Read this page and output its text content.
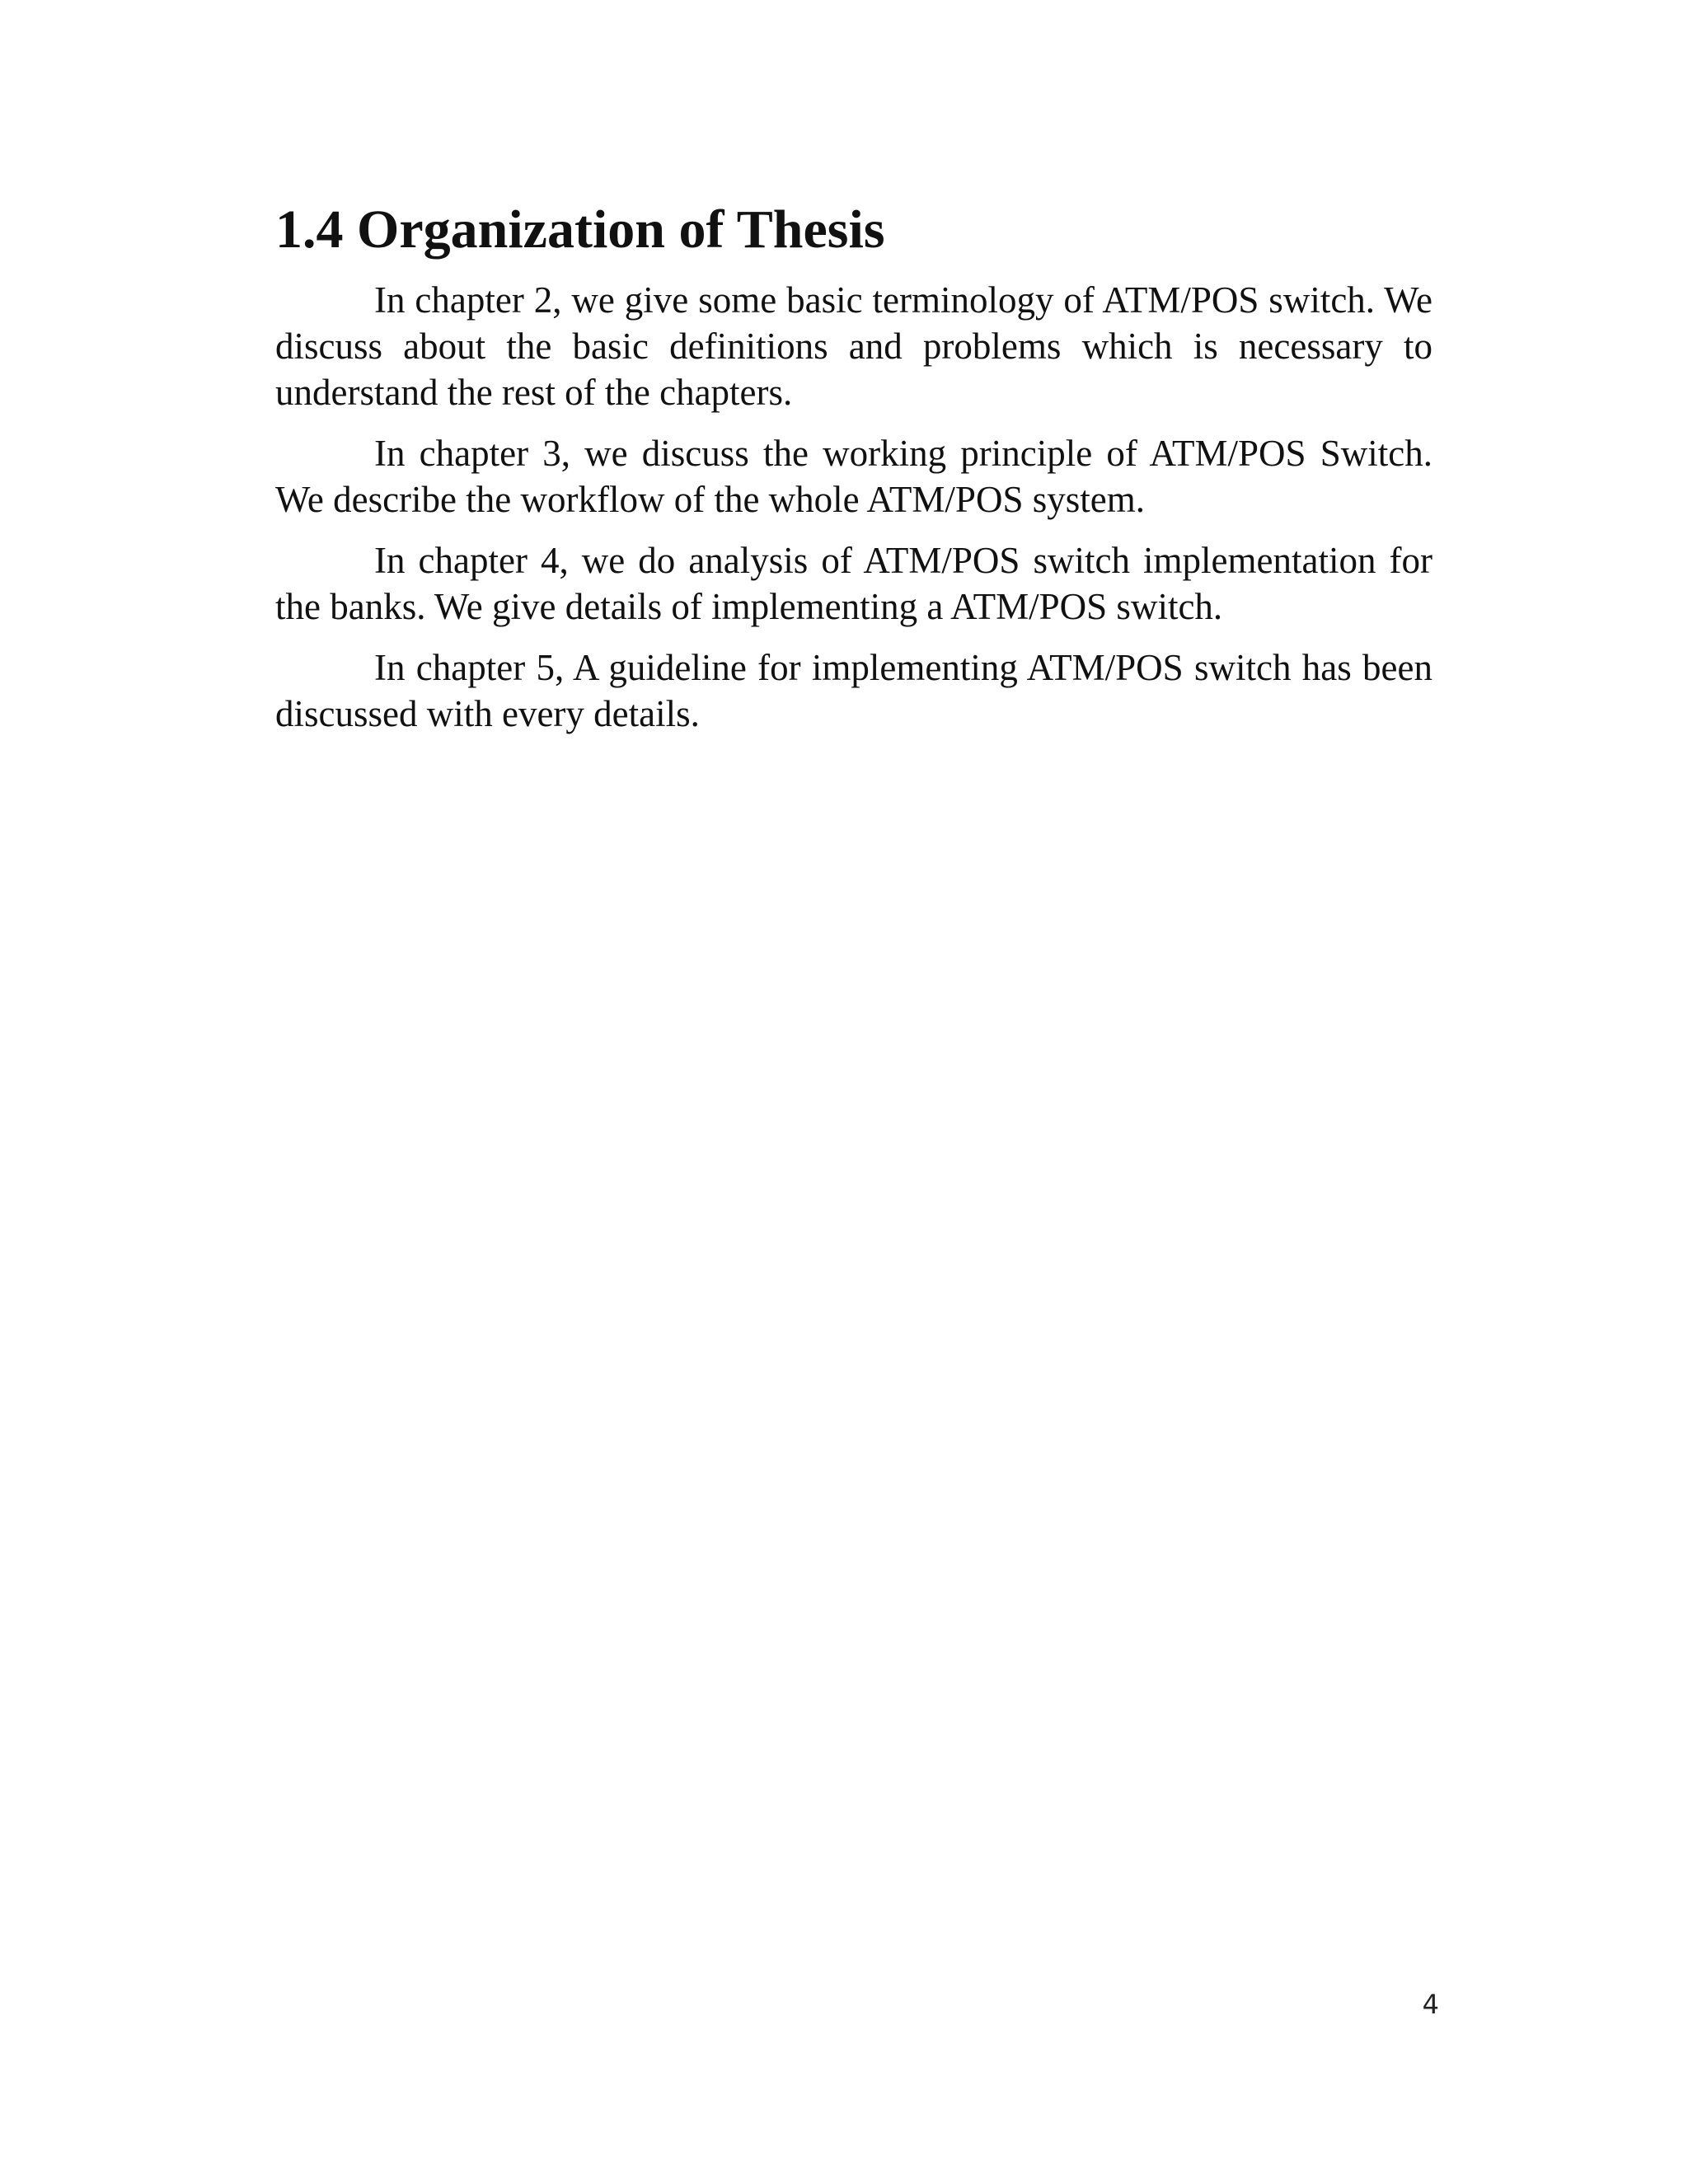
1.4 Organization of Thesis

In chapter 2, we give some basic terminology of ATM/POS switch. We discuss about the basic definitions and problems which is necessary to understand the rest of the chapters.

In chapter 3, we discuss the working principle of ATM/POS Switch. We describe the workflow of the whole ATM/POS system.

In chapter 4, we do analysis of ATM/POS switch implementation for the banks. We give details of implementing a ATM/POS switch.

In chapter 5, A guideline for implementing ATM/POS switch has been discussed with every details.

4
